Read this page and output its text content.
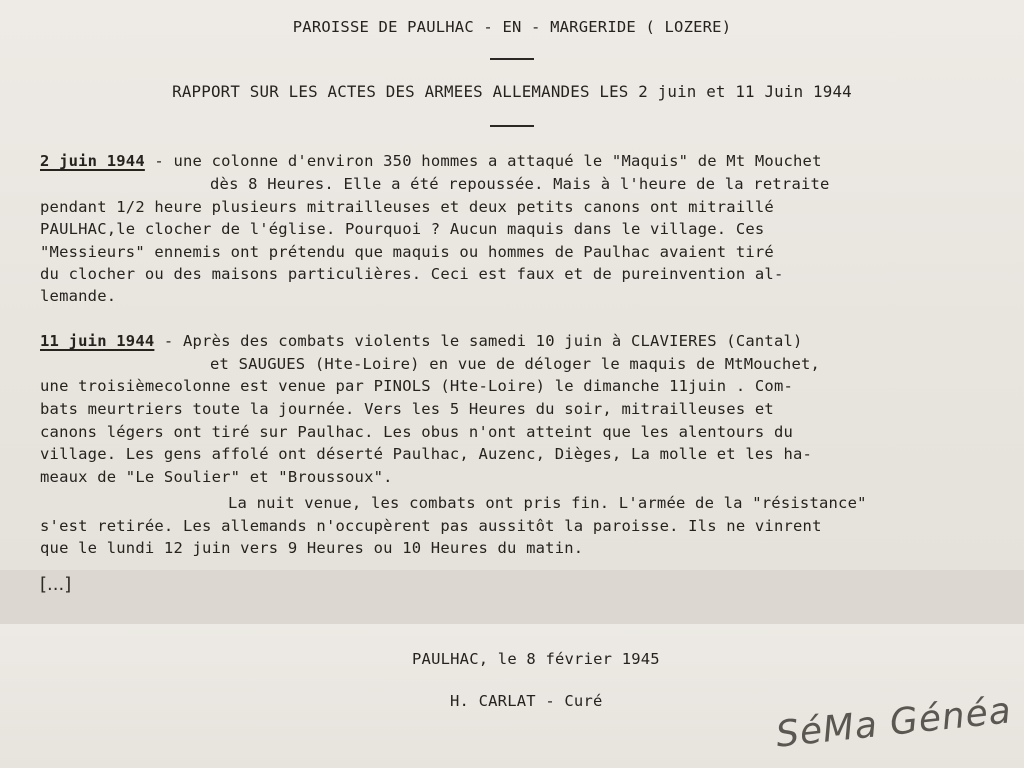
PAROISSE DE PAULHAC - EN - MARGERIDE ( LOZERE)
RAPPORT SUR LES ACTES DES ARMEES ALLEMANDES LES 2 juin et 11 Juin 1944
2 juin 1944 - une colonne d'environ 350 hommes a attaqué le "Maquis" de Mt Mouchet
dès 8 Heures. Elle a été repoussée. Mais à l'heure de la retraite
pendant 1/2 heure plusieurs mitrailleuses et deux petits canons ont mitraillé
PAULHAC,le clocher de l'église. Pourquoi ? Aucun maquis dans le village. Ces
"Messieurs" ennemis ont prétendu que maquis ou hommes de Paulhac avaient tiré
du clocher ou des maisons particulières. Ceci est faux et de pureinvention al-
lemande.
11 juin 1944 - Après des combats violents le samedi 10 juin à CLAVIERES (Cantal)
et SAUGUES (Hte-Loire) en vue de déloger le maquis de MtMouchet,
une troisièmecolonne est venue par PINOLS (Hte-Loire) le dimanche 11juin . Com-
bats meurtriers toute la journée. Vers les 5 Heures du soir, mitrailleuses et
canons légers ont tiré sur Paulhac. Les obus n'ont atteint que les alentours du
village. Les gens affolé ont déserté Paulhac, Auzenc, Dièges, La molle et les ha-
meaux de "Le Soulier" et "Broussoux".
La nuit venue, les combats ont pris fin. L'armée de la "résistance"
s'est retirée. Les allemands n'occupèrent pas aussitôt la paroisse. Ils ne vinrent
que le lundi 12 juin vers 9 Heures ou 10 Heures du matin.
[...]
PAULHAC, le 8 février 1945
H. CARLAT - Curé	SéMa Généa
